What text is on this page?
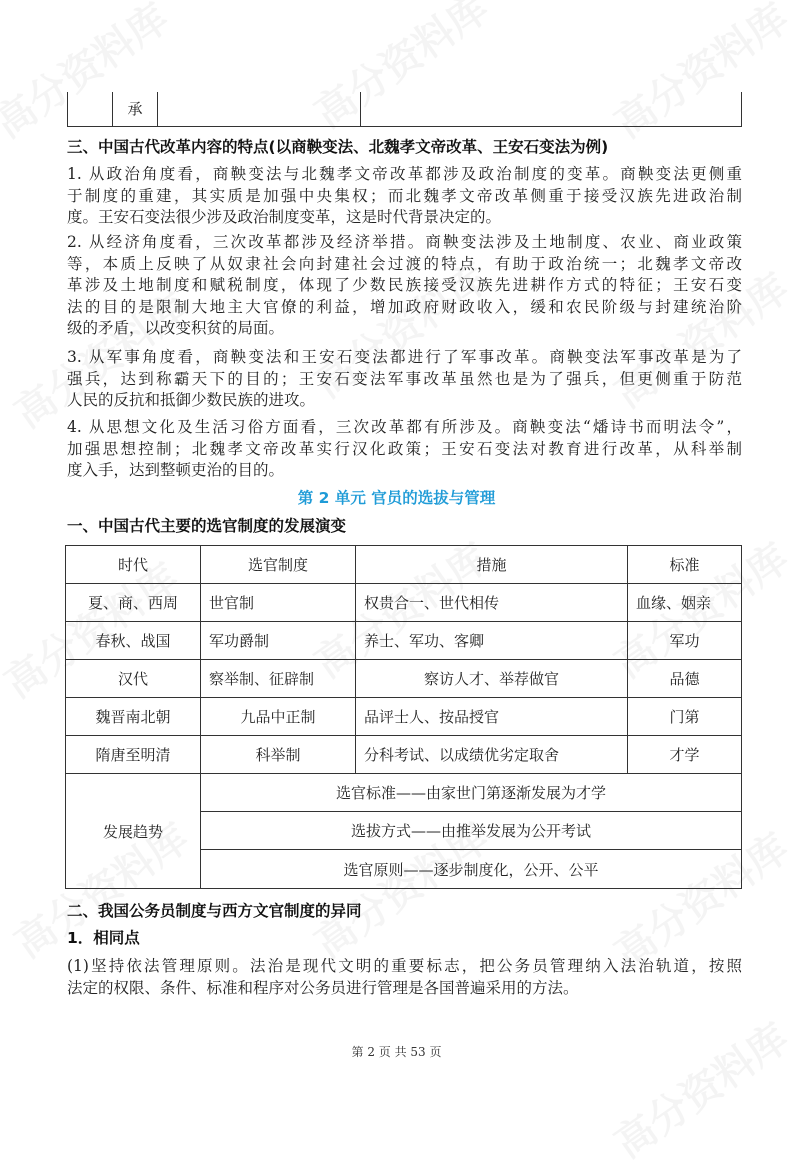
	承		
三、中国古代改革内容的特点(以商鞅变法、北魏孝文帝改革、王安石变法为例)
1. 从政治角度看，商鞅变法与北魏孝文帝改革都涉及政治制度的变革。商鞅变法更侧重
于制度的重建，其实质是加强中央集权；而北魏孝文帝改革侧重于接受汉族先进政治制
度。王安石变法很少涉及政治制度变革，这是时代背景决定的。
2. 从经济角度看，三次改革都涉及经济举措。商鞅变法涉及土地制度、农业、商业政策
等，本质上反映了从奴隶社会向封建社会过渡的特点，有助于政治统一；北魏孝文帝改
革涉及土地制度和赋税制度，体现了少数民族接受汉族先进耕作方式的特征；王安石变
法的目的是限制大地主大官僚的利益，增加政府财政收入，缓和农民阶级与封建统治阶
级的矛盾，以改变积贫的局面。
3. 从军事角度看，商鞅变法和王安石变法都进行了军事改革。商鞅变法军事改革是为了
强兵，达到称霸天下的目的；王安石变法军事改革虽然也是为了强兵，但更侧重于防范
人民的反抗和抵御少数民族的进攻。
4. 从思想文化及生活习俗方面看，三次改革都有所涉及。商鞅变法“燔诗书而明法令”，
加强思想控制；北魏孝文帝改革实行汉化政策；王安石变法对教育进行改革，从科举制
度入手，达到整顿吏治的目的。
第 2 单元 官员的选拔与管理
一、中国古代主要的选官制度的发展演变
时代	选官制度	措施	标准
夏、商、西周	世官制	权贵合一、世代相传	血缘、姻亲
春秋、战国	军功爵制	养士、军功、客卿	军功
汉代	察举制、征辟制	察访人才、举荐做官	品德
魏晋南北朝	九品中正制	品评士人、按品授官	门第
隋唐至明清	科举制	分科考试、以成绩优劣定取舍	才学
发展趋势	选官标准——由家世门第逐渐发展为才学		
	选拔方式——由推举发展为公开考试		
	选官原则——逐步制度化，公开、公平		
二、我国公务员制度与西方文官制度的异同
1．相同点
(1)坚持依法管理原则。法治是现代文明的重要标志，把公务员管理纳入法治轨道，按照
法定的权限、条件、标准和程序对公务员进行管理是各国普遍采用的方法。
第 2 页 共 53 页
